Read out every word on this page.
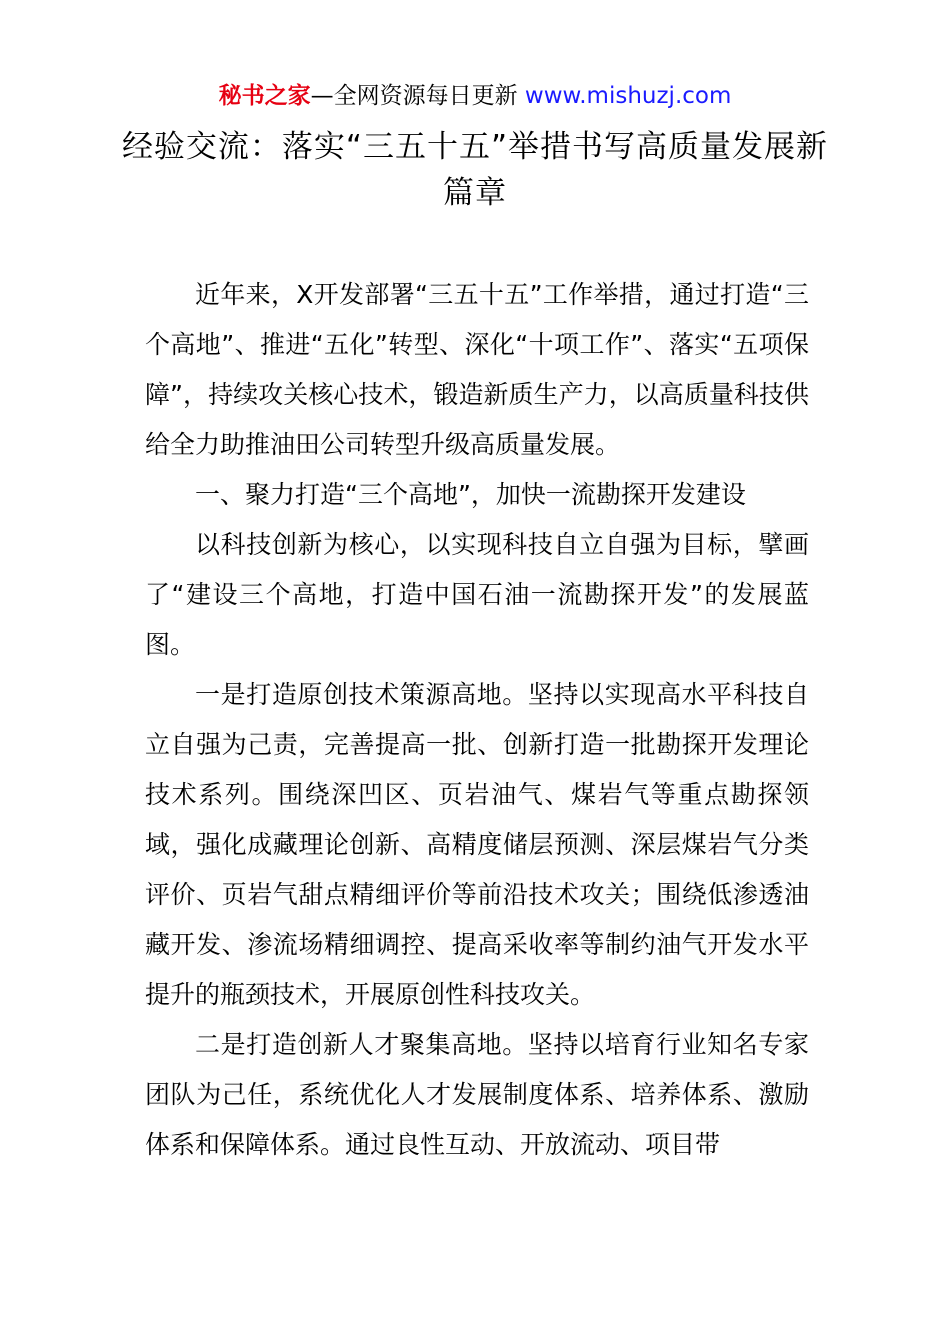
秘书之家—全网资源每日更新 www.mishuzj.com
经验交流：落实“三五十五”举措书写高质量发展新篇章

近年来，X开发部署“三五十五”工作举措，通过打造“三个高地”、推进“五化”转型、深化“十项工作”、落实“五项保障”，持续攻关核心技术，锻造新质生产力，以高质量科技供给全力助推油田公司转型升级高质量发展。

一、聚力打造“三个高地”，加快一流勘探开发建设

以科技创新为核心，以实现科技自立自强为目标，擘画了“建设三个高地，打造中国石油一流勘探开发”的发展蓝图。

一是打造原创技术策源高地。坚持以实现高水平科技自立自强为己责，完善提高一批、创新打造一批勘探开发理论技术系列。围绕深凹区、页岩油气、煤岩气等重点勘探领域，强化成藏理论创新、高精度储层预测、深层煤岩气分类评价、页岩气甜点精细评价等前沿技术攻关；围绕低渗透油藏开发、渗流场精细调控、提高采收率等制约油气开发水平提升的瓶颈技术，开展原创性科技攻关。

二是打造创新人才聚集高地。坚持以培育行业知名专家团队为己任，系统优化人才发展制度体系、培养体系、激励体系和保障体系。通过良性互动、开放流动、项目带
